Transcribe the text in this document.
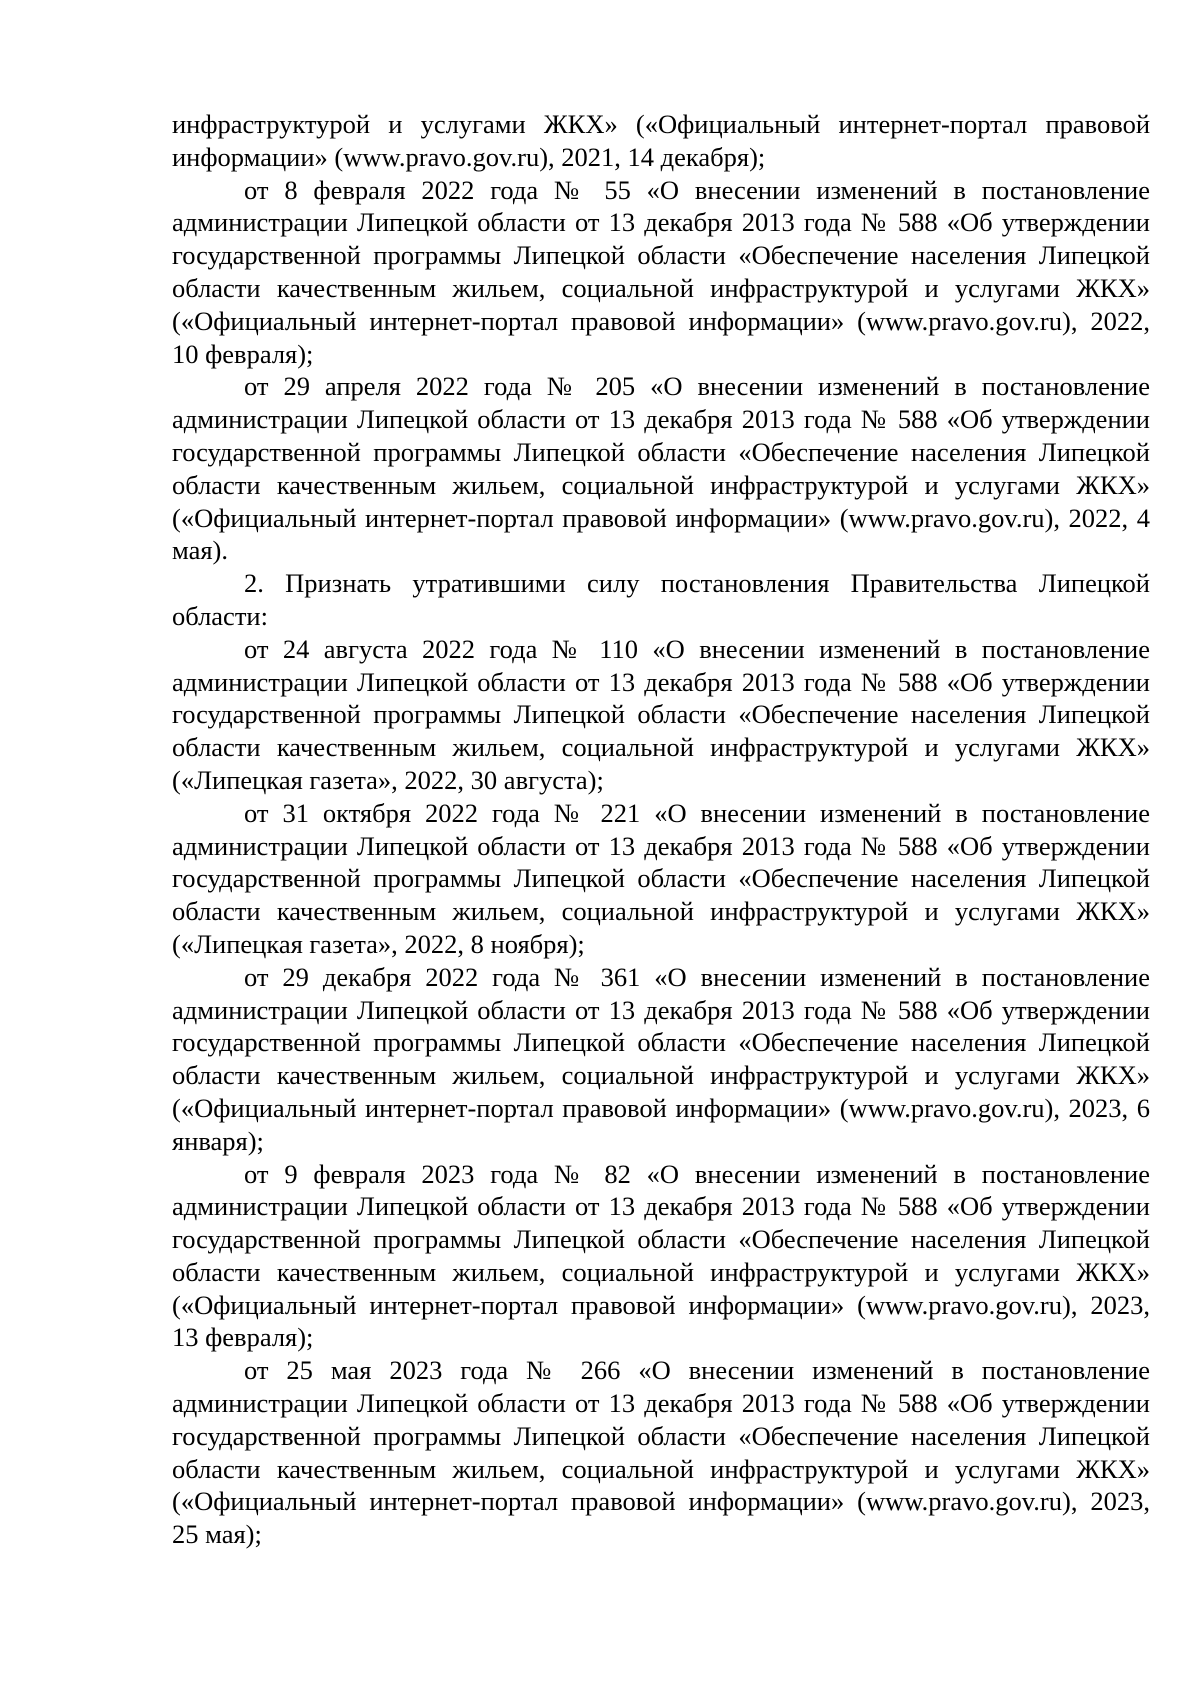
инфраструктурой и услугами ЖКХ» («Официальный интернет-портал правовой информации» (www.pravo.gov.ru), 2021, 14 декабря);

от 8 февраля 2022 года № 55 «О внесении изменений в постановление администрации Липецкой области от 13 декабря 2013 года № 588 «Об утверждении государственной программы Липецкой области «Обеспечение населения Липецкой области качественным жильем, социальной инфраструктурой и услугами ЖКХ» («Официальный интернет-портал правовой информации» (www.pravo.gov.ru), 2022, 10 февраля);

от 29 апреля 2022 года № 205 «О внесении изменений в постановление администрации Липецкой области от 13 декабря 2013 года № 588 «Об утверждении государственной программы Липецкой области «Обеспечение населения Липецкой области качественным жильем, социальной инфраструктурой и услугами ЖКХ» («Официальный интернет-портал правовой информации» (www.pravo.gov.ru), 2022, 4 мая).

2. Признать утратившими силу постановления Правительства Липецкой области:

от 24 августа 2022 года № 110 «О внесении изменений в постановление администрации Липецкой области от 13 декабря 2013 года № 588 «Об утверждении государственной программы Липецкой области «Обеспечение населения Липецкой области качественным жильем, социальной инфраструктурой и услугами ЖКХ» («Липецкая газета», 2022, 30 августа);

от 31 октября 2022 года № 221 «О внесении изменений в постановление администрации Липецкой области от 13 декабря 2013 года № 588 «Об утверждении государственной программы Липецкой области «Обеспечение населения Липецкой области качественным жильем, социальной инфраструктурой и услугами ЖКХ» («Липецкая газета», 2022, 8 ноября);

от 29 декабря 2022 года № 361 «О внесении изменений в постановление администрации Липецкой области от 13 декабря 2013 года № 588 «Об утверждении государственной программы Липецкой области «Обеспечение населения Липецкой области качественным жильем, социальной инфраструктурой и услугами ЖКХ» («Официальный интернет-портал правовой информации» (www.pravo.gov.ru), 2023, 6 января);

от 9 февраля 2023 года № 82 «О внесении изменений в постановление администрации Липецкой области от 13 декабря 2013 года № 588 «Об утверждении государственной программы Липецкой области «Обеспечение населения Липецкой области качественным жильем, социальной инфраструктурой и услугами ЖКХ» («Официальный интернет-портал правовой информации» (www.pravo.gov.ru), 2023, 13 февраля);

от 25 мая 2023 года № 266 «О внесении изменений в постановление администрации Липецкой области от 13 декабря 2013 года № 588 «Об утверждении государственной программы Липецкой области «Обеспечение населения Липецкой области качественным жильем, социальной инфраструктурой и услугами ЖКХ» («Официальный интернет-портал правовой информации» (www.pravo.gov.ru), 2023, 25 мая);
